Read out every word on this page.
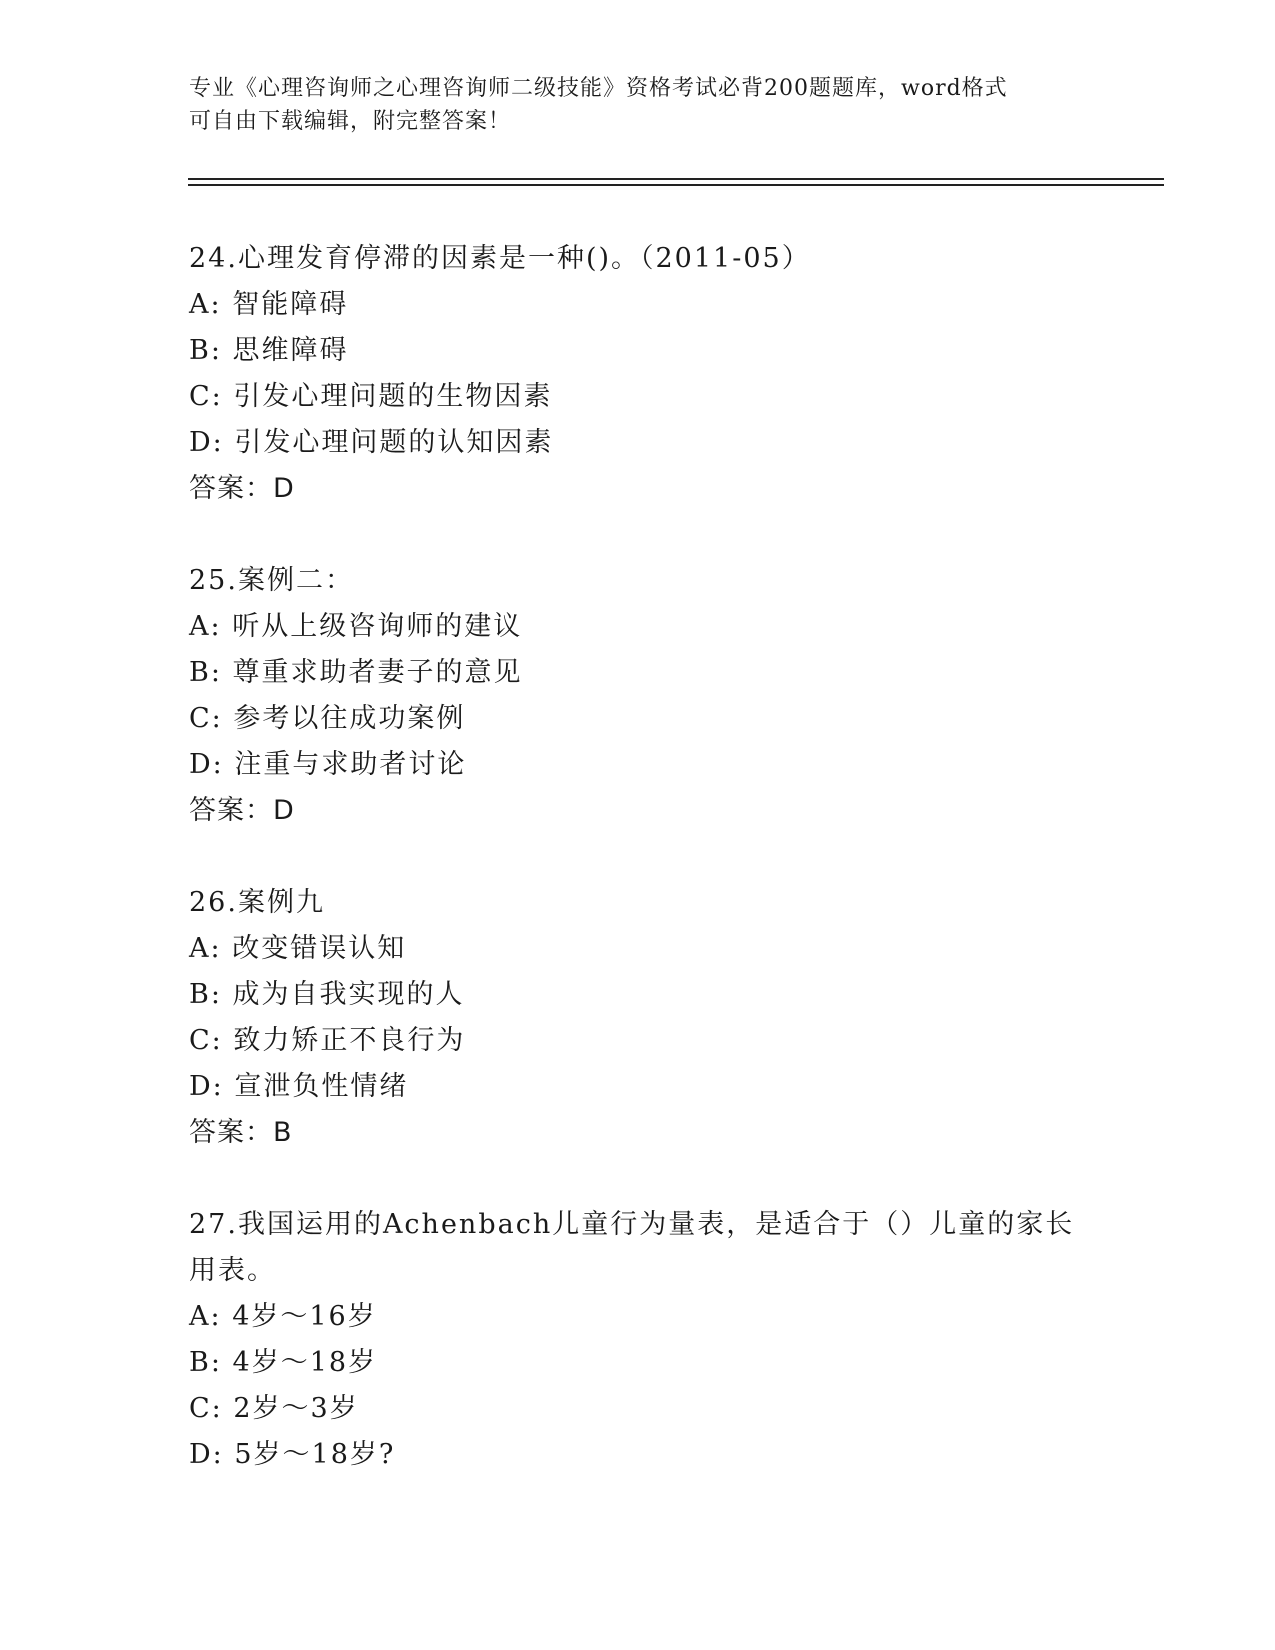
专业《心理咨询师之心理咨询师二级技能》资格考试必背200题题库，word格式
可自由下载编辑，附完整答案！
24.心理发育停滞的因素是一种()。（2011-05）
A: 智能障碍
B: 思维障碍
C: 引发心理问题的生物因素
D: 引发心理问题的认知因素
答案：D
25.案例二：
A: 听从上级咨询师的建议
B: 尊重求助者妻子的意见
C: 参考以往成功案例
D: 注重与求助者讨论
答案：D
26.案例九
A: 改变错误认知
B: 成为自我实现的人
C: 致力矫正不良行为
D: 宣泄负性情绪
答案：B
27.我国运用的Achenbach儿童行为量表，是适合于（）儿童的家长用表。
A: 4岁～16岁
B: 4岁～18岁
C: 2岁～3岁
D: 5岁～18岁?
